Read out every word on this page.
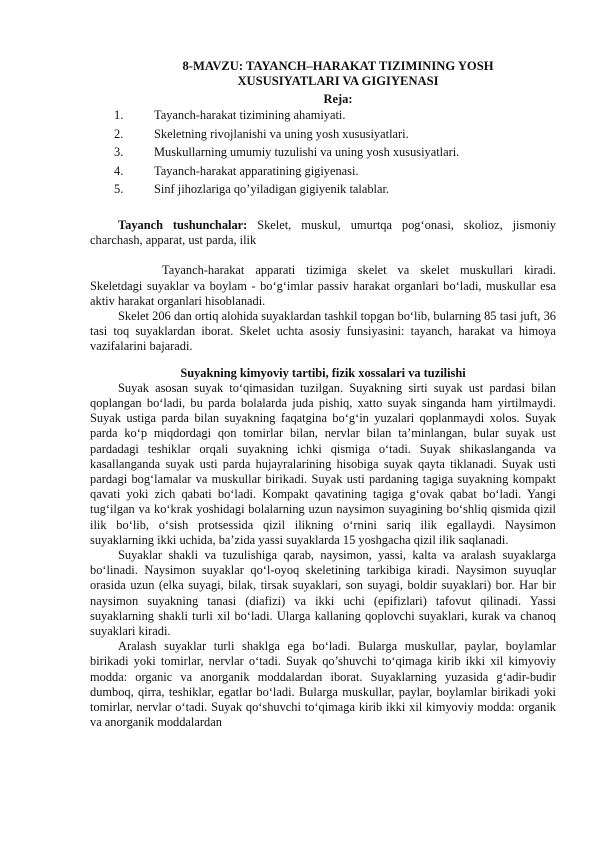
8-MAVZU: TAYANCH–HARAKAT TIZIMINING YOSH
XUSUSIYATLARI VA GIGIYENASI

Reja:

1. Tayanch-harakat tizimining ahamiyati.
2. Skeletning rivojlanishi va uning yosh xususiyatlari.
3. Muskullarning umumiy tuzulishi va uning yosh xususiyatlari.
4. Tayanch-harakat apparatining gigiyenasi.
5. Sinf jihozlariga qo’yiladigan gigiyenik talablar.

Tayanch tushunchalar: Skelet, muskul, umurtqa pog‘onasi, skolioz, jismoniy charchash, apparat, ust parda, ilik

Tayanch-harakat apparati tizimiga skelet va skelet muskullari kiradi. Skeletdagi suyaklar va boylam - bo‘g‘imlar passiv harakat organlari bo‘ladi, muskullar esa aktiv harakat organlari hisoblanadi.

Skelet 206 dan ortiq alohida suyaklardan tashkil topgan bo‘lib, bularning 85 tasi juft, 36 tasi toq suyaklardan iborat. Skelet uchta asosiy funsiyasini: tayanch, harakat va himoya vazifalarini bajaradi.

Suyakning kimyoviy tartibi, fizik xossalari va tuzilishi

Suyak asosan suyak to‘qimasidan tuzilgan. Suyakning sirti suyak ust pardasi bilan qoplangan bo‘ladi, bu parda bolalarda juda pishiq, xatto suyak singanda ham yirtilmaydi. Suyak ustiga parda bilan suyakning faqatgina bo‘g‘in yuzalari qoplanmaydi xolos. Suyak parda ko‘p miqdordagi qon tomirlar bilan, nervlar bilan ta’minlangan, bular suyak ust pardadagi teshiklar orqali suyakning ichki qismiga o‘tadi. Suyak shikaslanganda va kasallanganda suyak usti parda hujayralarining hisobiga suyak qayta tiklanadi. Suyak usti pardagi bog‘lamalar va muskullar birikadi. Suyak usti pardaning tagiga suyakning kompakt qavati yoki zich qabati bo‘ladi. Kompakt qavatining tagiga g‘ovak qabat bo‘ladi. Yangi tug‘ilgan va ko‘krak yoshidagi bolalarning uzun naysimon suyagining bo‘shliq qismida qizil ilik bo‘lib, o‘sish protsessida qizil ilikning o‘rnini sariq ilik egallaydi. Naysimon suyaklarning ikki uchida, ba’zida yassi suyaklarda 15 yoshgacha qizil ilik saqlanadi.

Suyaklar shakli va tuzulishiga qarab, naysimon, yassi, kalta va aralash suyaklarga bo‘linadi. Naysimon suyaklar qo‘l-oyoq skeletining tarkibiga kiradi. Naysimon suyuqlar orasida uzun (elka suyagi, bilak, tirsak suyaklari, son suyagi, boldir suyaklari) bor. Har bir naysimon suyakning tanasi (diafizi) va ikki uchi (epifizlari) tafovut qilinadi. Yassi suyaklarning shakli turli xil bo‘ladi. Ularga kallaning qoplovchi suyaklari, kurak va chanoq suyaklari kiradi.

Aralash suyaklar turli shaklga ega bo‘ladi. Bularga muskullar, paylar, boylamlar birikadi yoki tomirlar, nervlar o‘tadi. Suyak qo’shuvchi to‘qimaga kirib ikki xil kimyoviy modda: organic va anorganik moddalardan iborat. Suyaklarning yuzasida g‘adir-budir dumboq, qirra, teshiklar, egatlar bo‘ladi. Bularga muskullar, paylar, boylamlar birikadi yoki tomirlar, nervlar o‘tadi. Suyak qo‘shuvchi to‘qimaga kirib ikki xil kimyoviy modda: organik va anorganik moddalardan
